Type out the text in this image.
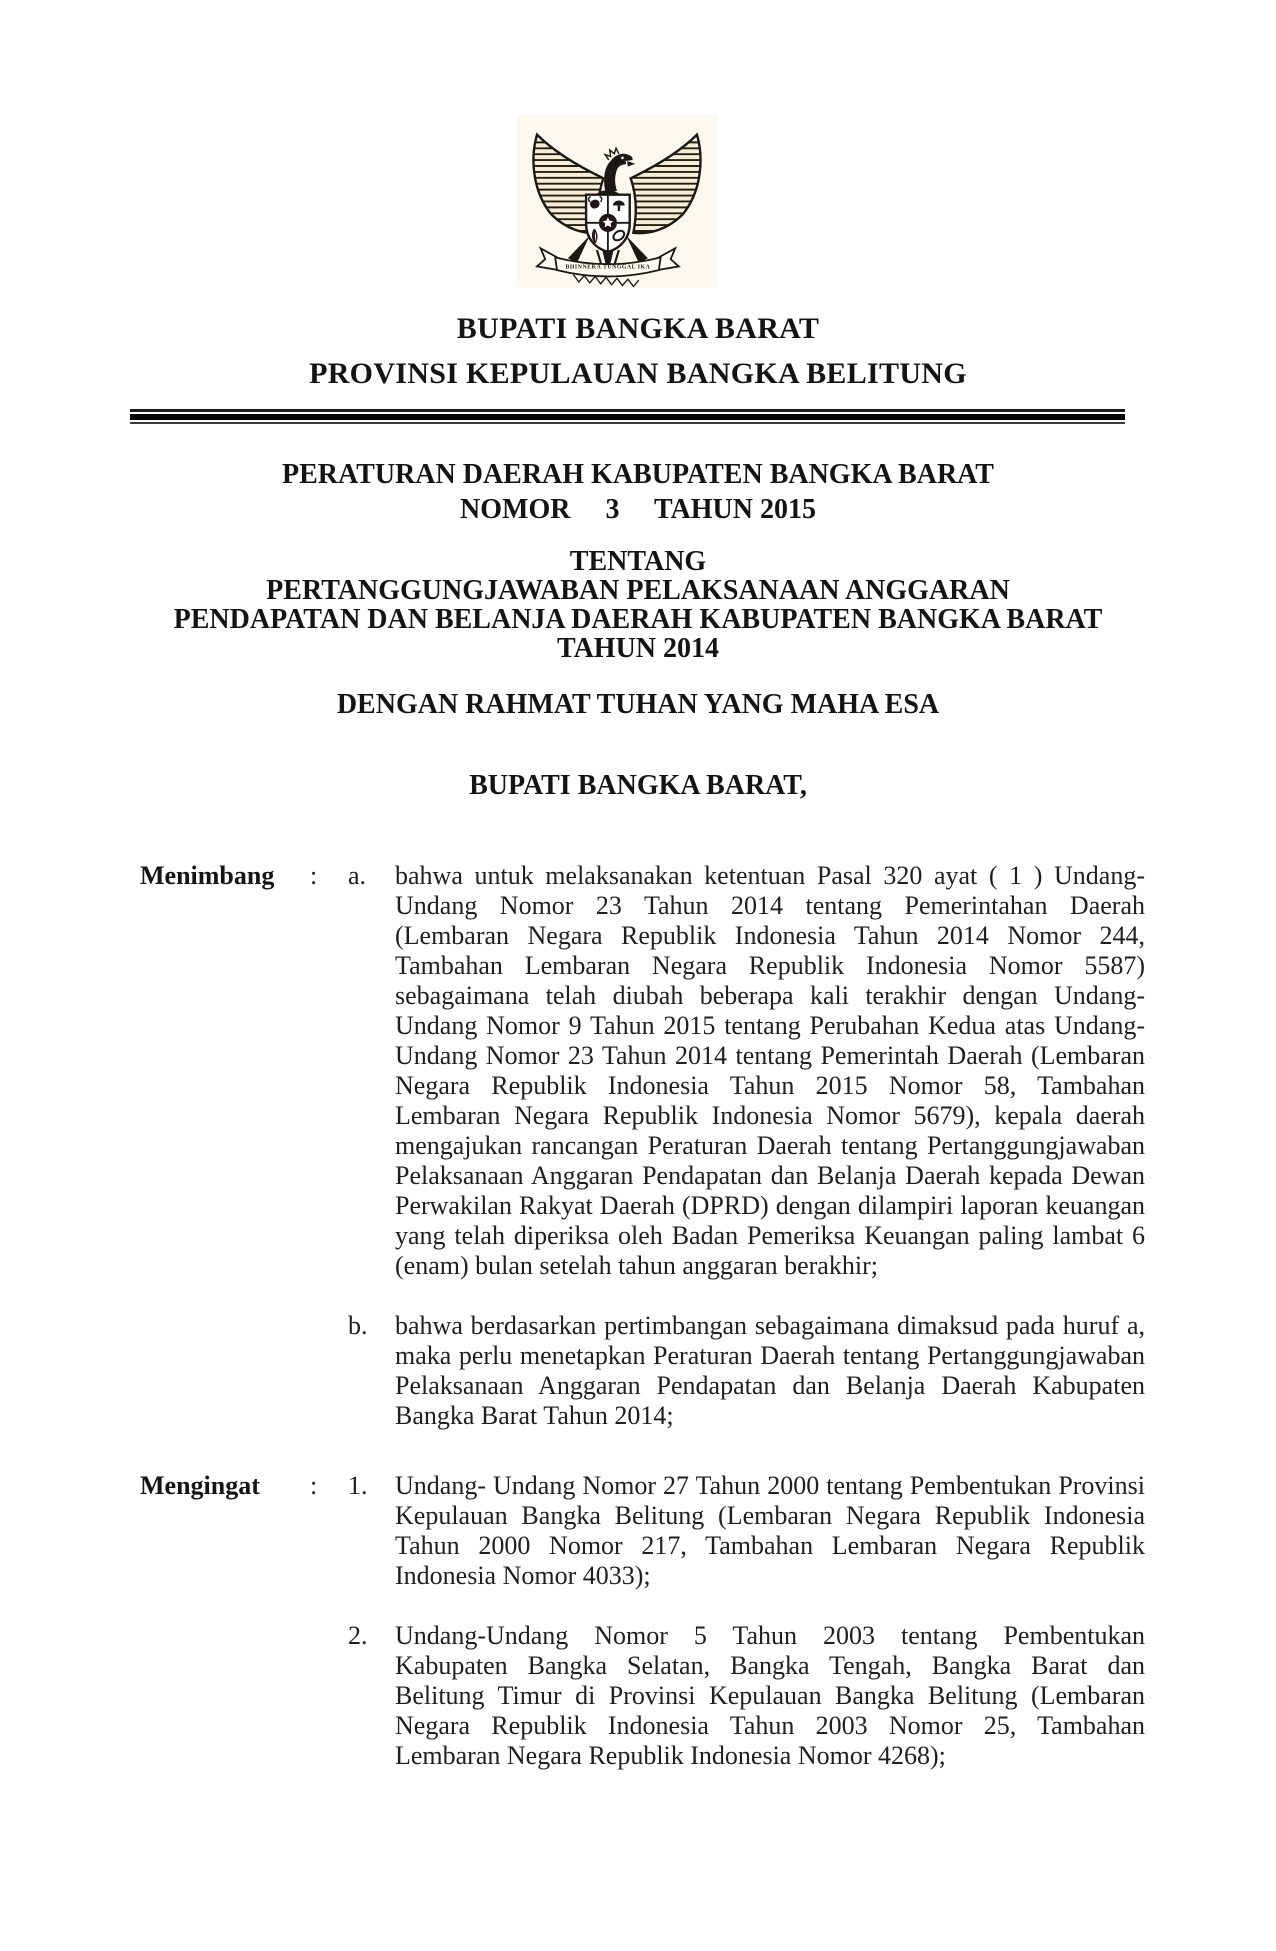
BHINNEKA TUNGGAL IKA

BUPATI BANGKA BARAT

PROVINSI KEPULAUAN BANGKA BELITUNG

PERATURAN DAERAH KABUPATEN BANGKA BARAT

NOMOR     3     TAHUN 2015

TENTANG

PERTANGGUNGJAWABAN PELAKSANAAN ANGGARAN

PENDAPATAN DAN BELANJA DAERAH KABUPATEN BANGKA BARAT

TAHUN 2014

DENGAN RAHMAT TUHAN YANG MAHA ESA

BUPATI BANGKA BARAT,

Menimbang	:	a.	bahwa untuk melaksanakan ketentuan Pasal 320 ayat ( 1 ) Undang-Undang Nomor 23 Tahun 2014 tentang Pemerintahan Daerah (Lembaran Negara Republik Indonesia Tahun 2014 Nomor 244, Tambahan Lembaran Negara Republik Indonesia Nomor 5587) sebagaimana telah diubah beberapa kali terakhir dengan Undang-Undang Nomor 9 Tahun 2015 tentang Perubahan Kedua atas Undang-Undang Nomor 23 Tahun 2014 tentang Pemerintah Daerah (Lembaran Negara Republik Indonesia Tahun 2015 Nomor 58, Tambahan Lembaran Negara Republik Indonesia Nomor 5679), kepala daerah mengajukan rancangan Peraturan Daerah tentang Pertanggungjawaban Pelaksanaan Anggaran Pendapatan dan Belanja Daerah kepada Dewan Perwakilan Rakyat Daerah (DPRD) dengan dilampiri laporan keuangan yang telah diperiksa oleh Badan Pemeriksa Keuangan paling lambat 6 (enam) bulan setelah tahun anggaran berakhir;
b.	bahwa berdasarkan pertimbangan sebagaimana dimaksud pada huruf a, maka perlu menetapkan Peraturan Daerah tentang Pertanggungjawaban Pelaksanaan Anggaran Pendapatan dan Belanja Daerah Kabupaten Bangka Barat Tahun 2014;
Mengingat	:	1.	Undang- Undang Nomor 27 Tahun 2000 tentang Pembentukan Provinsi Kepulauan Bangka Belitung (Lembaran Negara Republik Indonesia Tahun 2000 Nomor 217, Tambahan Lembaran Negara Republik Indonesia Nomor 4033);
2.	Undang-Undang Nomor 5 Tahun 2003 tentang Pembentukan Kabupaten Bangka Selatan, Bangka Tengah, Bangka Barat dan Belitung Timur di Provinsi Kepulauan Bangka Belitung (Lembaran Negara Republik Indonesia Tahun 2003 Nomor 25, Tambahan Lembaran Negara Republik Indonesia Nomor 4268);
